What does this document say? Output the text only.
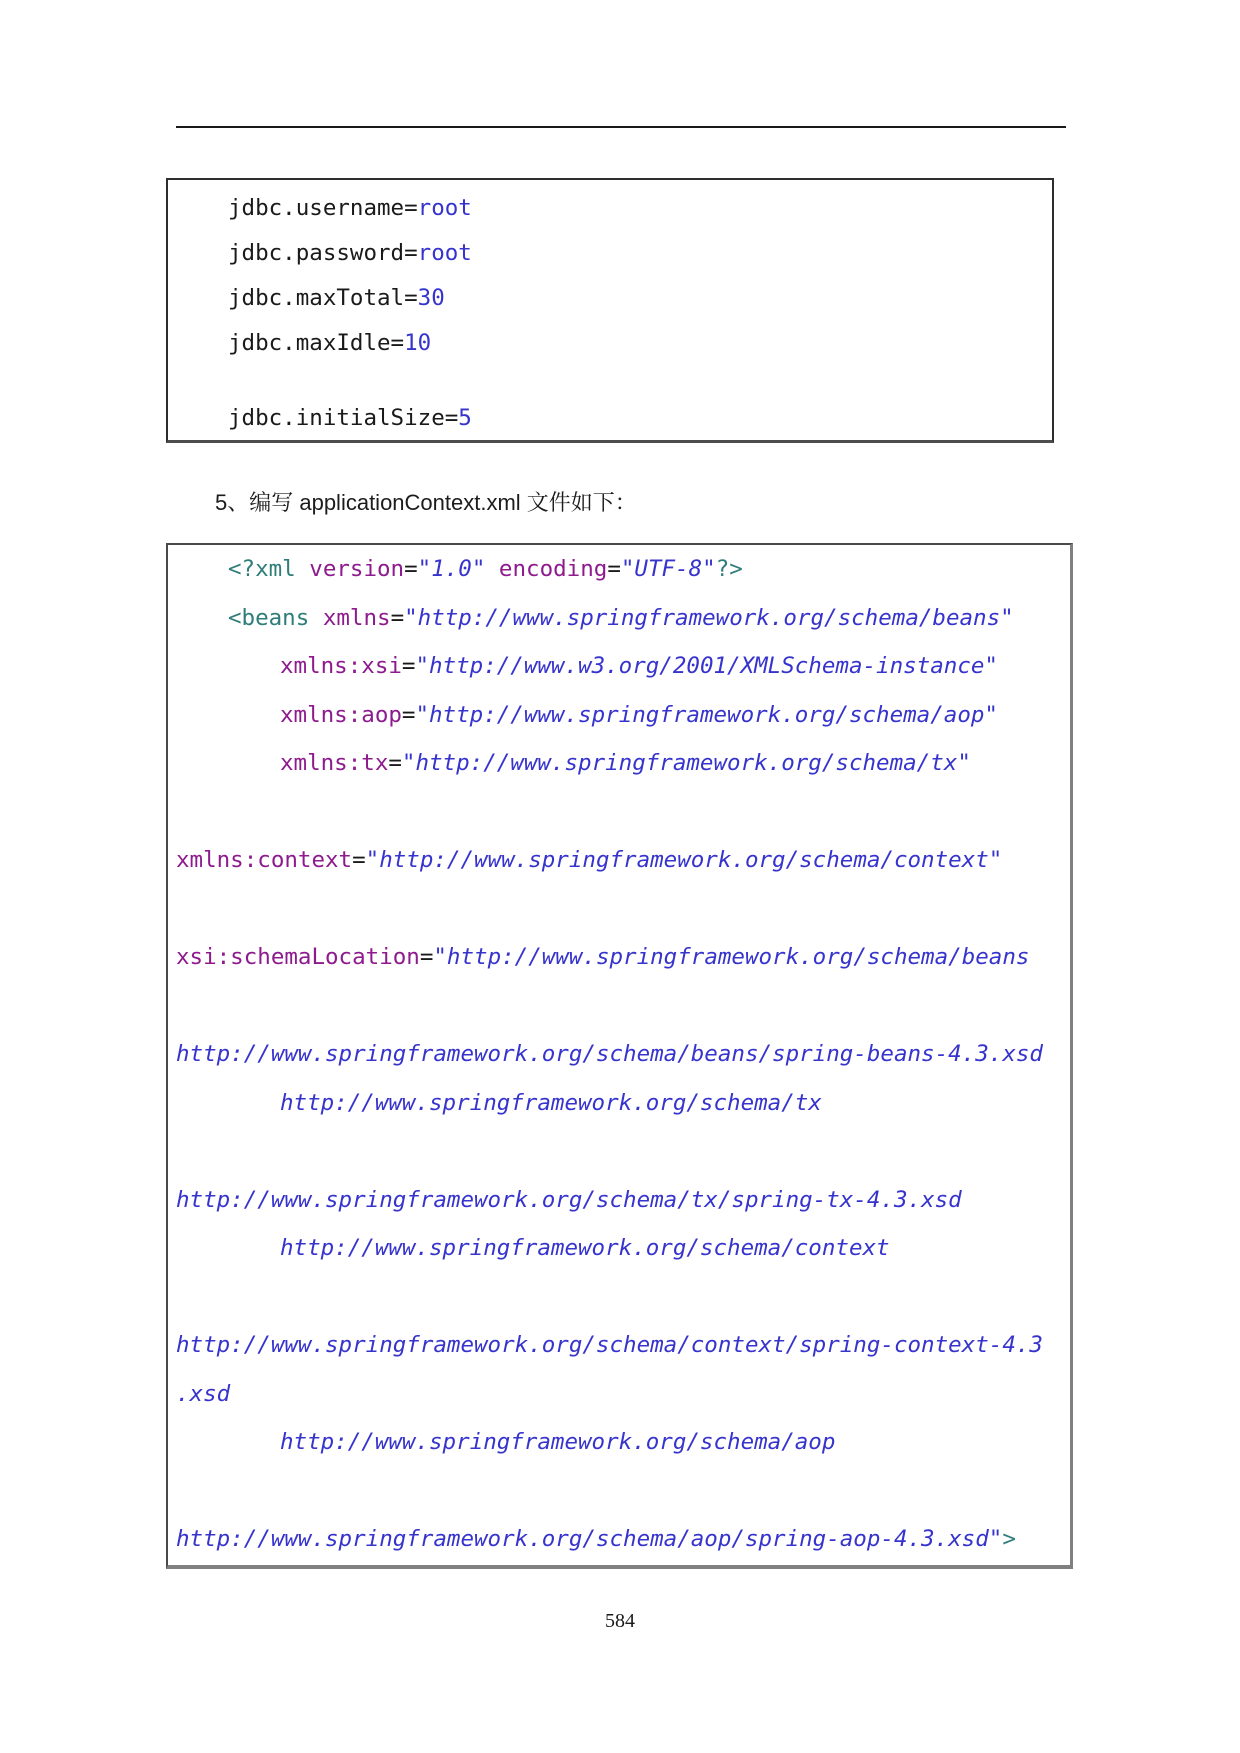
jdbc.username=root
jdbc.password=root
jdbc.maxTotal=30
jdbc.maxIdle=10
jdbc.initialSize=5
5、编写 applicationContext.xml 文件如下：
<?xml version="1.0" encoding="UTF-8"?>
<beans xmlns="http://www.springframework.org/schema/beans"
xmlns:xsi="http://www.w3.org/2001/XMLSchema-instance"
xmlns:aop="http://www.springframework.org/schema/aop"
xmlns:tx="http://www.springframework.org/schema/tx"
xmlns:context="http://www.springframework.org/schema/context"
xsi:schemaLocation="http://www.springframework.org/schema/beans
http://www.springframework.org/schema/beans/spring-beans-4.3.xsd
http://www.springframework.org/schema/tx
http://www.springframework.org/schema/tx/spring-tx-4.3.xsd
http://www.springframework.org/schema/context
http://www.springframework.org/schema/context/spring-context-4.3
.xsd
http://www.springframework.org/schema/aop
http://www.springframework.org/schema/aop/spring-aop-4.3.xsd">
584
